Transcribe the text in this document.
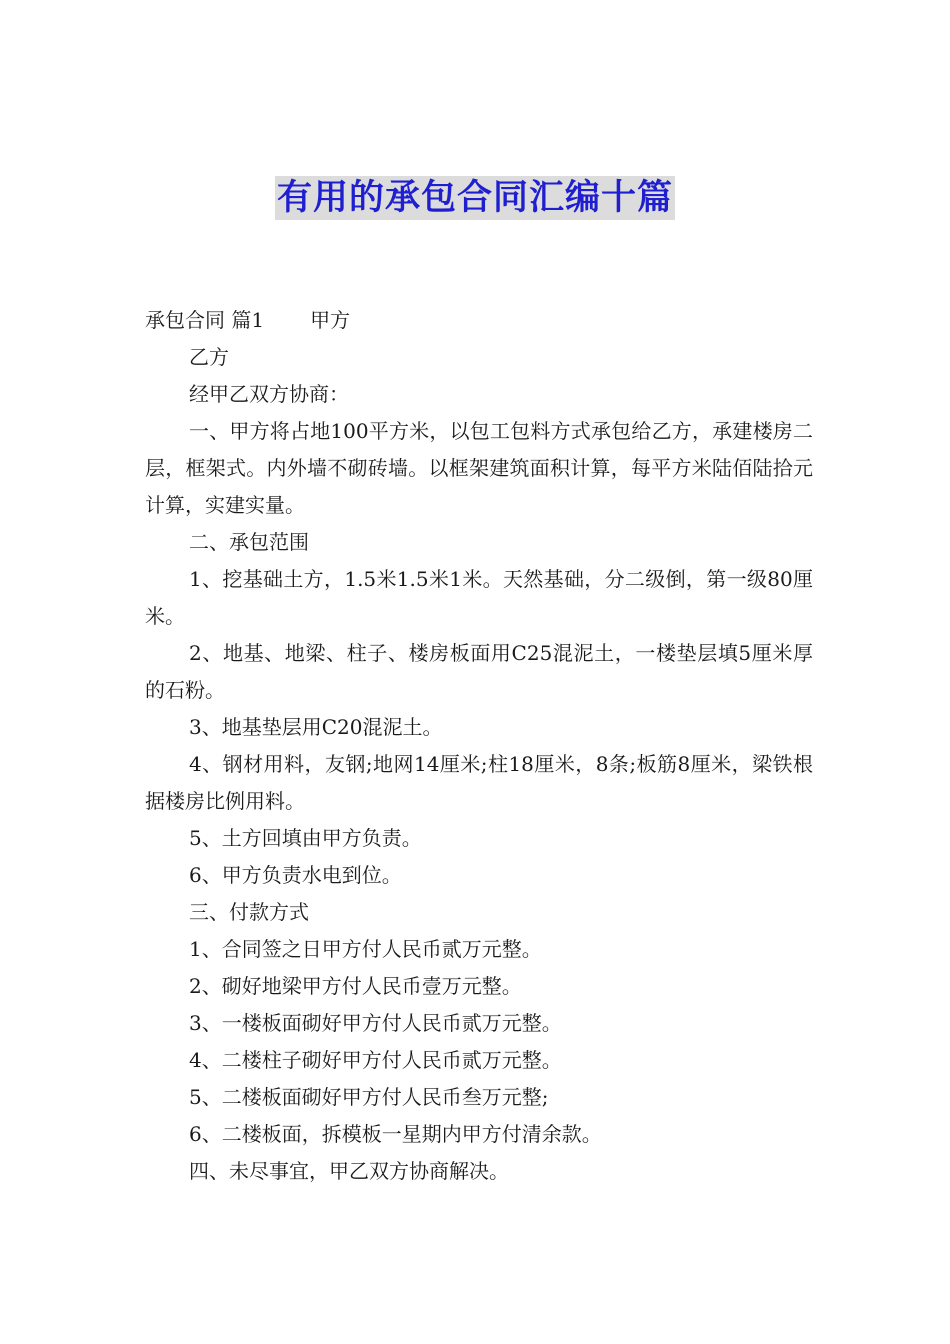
有用的承包合同汇编十篇

承包合同 篇1 甲方

乙方

经甲乙双方协商：

一、甲方将占地100平方米，以包工包料方式承包给乙方，承建楼房二层，框架式。内外墙不砌砖墙。以框架建筑面积计算，每平方米陆佰陆拾元计算，实建实量。

二、承包范围

1、挖基础土方，1.5米1.5米1米。天然基础，分二级倒，第一级80厘米。

2、地基、地梁、柱子、楼房板面用C25混泥土，一楼垫层填5厘米厚的石粉。

3、地基垫层用C20混泥土。

4、钢材用料，友钢;地网14厘米;柱18厘米，8条;板筋8厘米，梁铁根据楼房比例用料。

5、土方回填由甲方负责。

6、甲方负责水电到位。

三、付款方式

1、合同签之日甲方付人民币贰万元整。

2、砌好地梁甲方付人民币壹万元整。

3、一楼板面砌好甲方付人民币贰万元整。

4、二楼柱子砌好甲方付人民币贰万元整。

5、二楼板面砌好甲方付人民币叁万元整;

6、二楼板面，拆模板一星期内甲方付清余款。

四、未尽事宜，甲乙双方协商解决。
